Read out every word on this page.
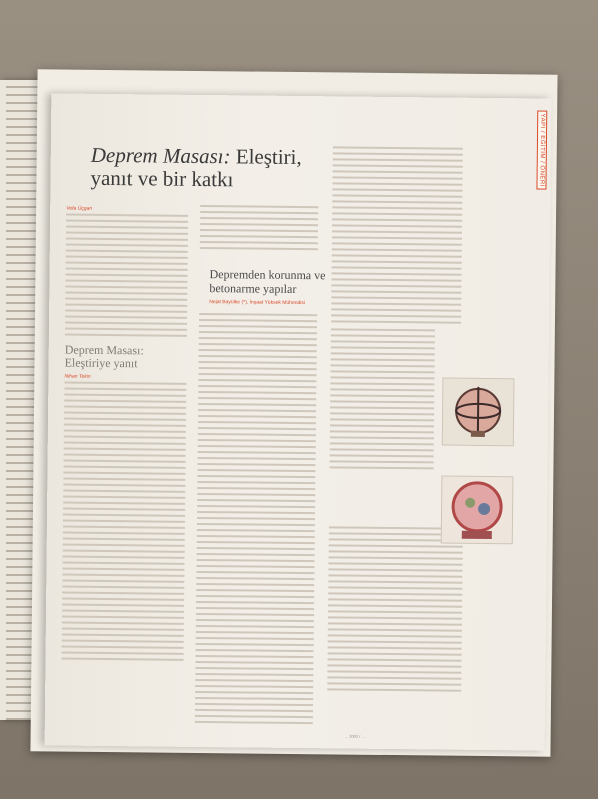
YAPI / EĞİTİM / ÖNERİ
Deprem Masası: Eleştiri, yanıt ve bir katkı
Vefa Üçgan
Deprem Masası: Eleştiriye yanıt
Nihan Tekin
Depremden korunma ve betonarme yapılar
Nejat Bayülke (*), İnşaat Yüksek Mühendisi
... 1001 / ...
